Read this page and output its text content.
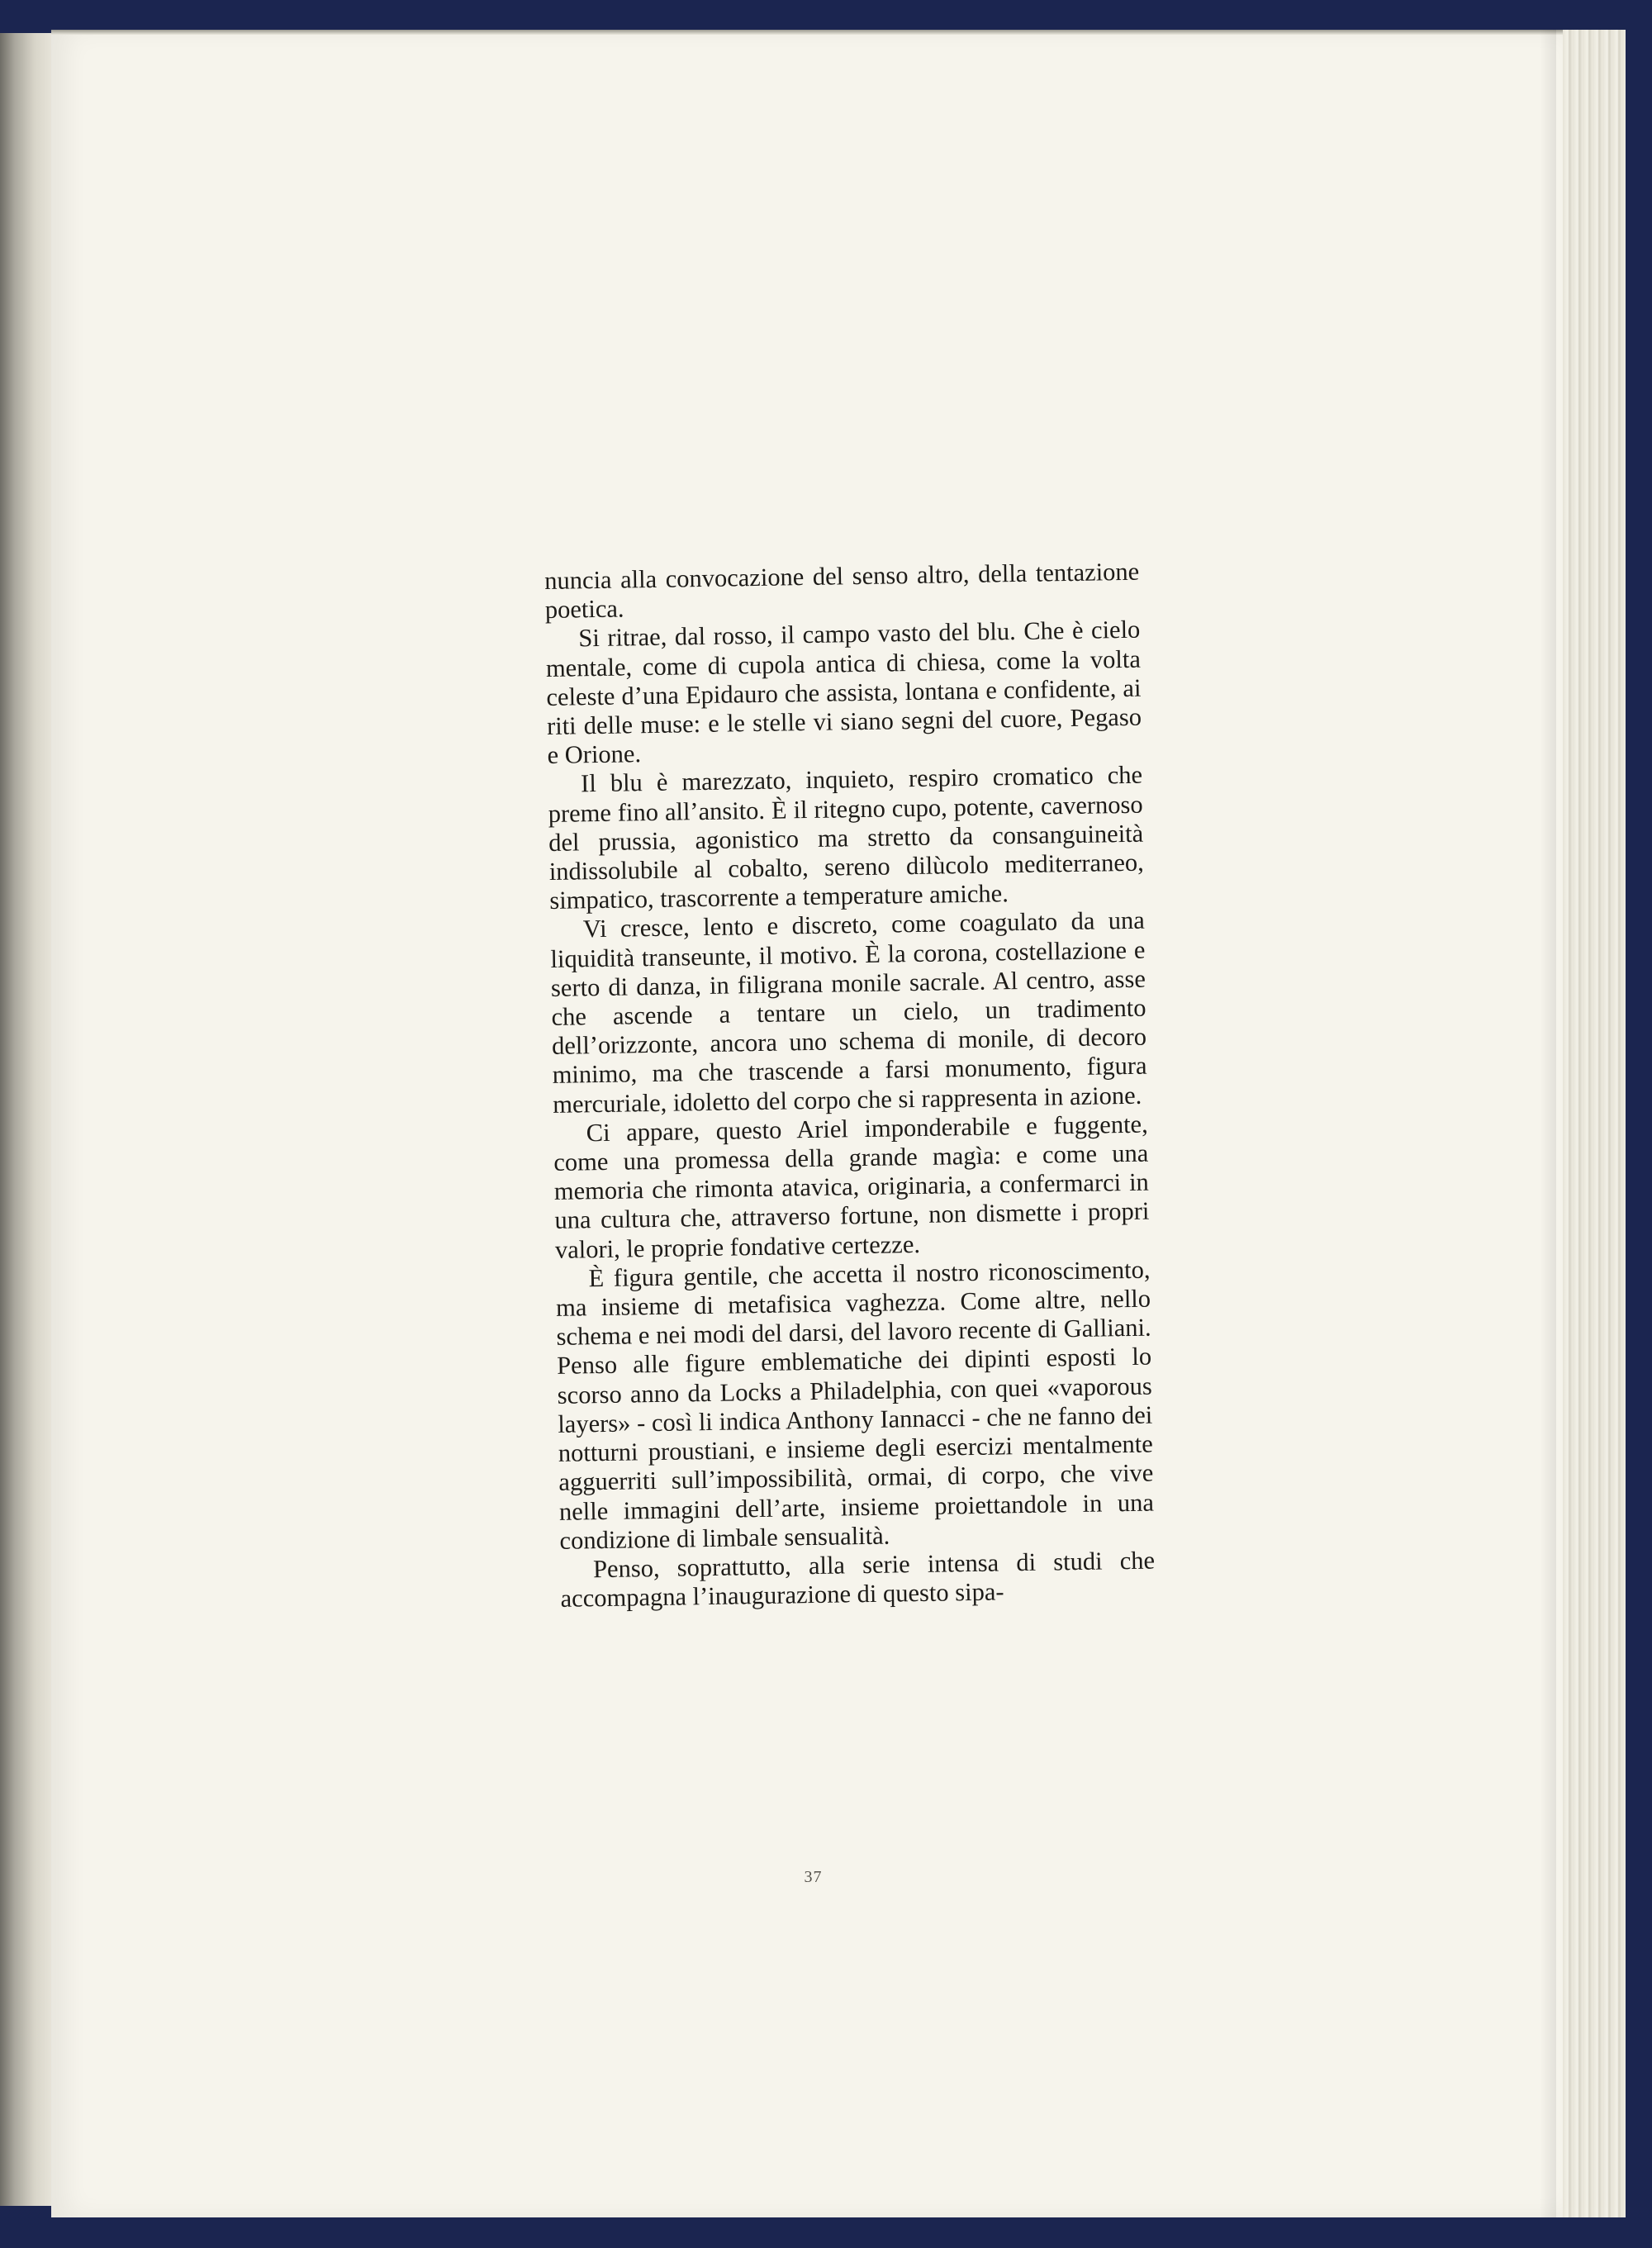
nuncia alla convocazione del senso altro, della tentazione poetica.

Si ritrae, dal rosso, il campo vasto del blu. Che è cielo mentale, come di cupola antica di chiesa, come la volta celeste d’una Epidauro che assista, lontana e confidente, ai riti delle muse: e le stelle vi siano segni del cuore, Pegaso e Orione.

Il blu è marezzato, inquieto, respiro cromatico che preme fino all’ansito. È il ritegno cupo, potente, cavernoso del prussia, agonistico ma stretto da consanguineità indissolubile al cobalto, sereno dilùcolo mediterraneo, simpatico, trascorrente a temperature amiche.

Vi cresce, lento e discreto, come coagulato da una liquidità transeunte, il motivo. È la corona, costellazione e serto di danza, in filigrana monile sacrale. Al centro, asse che ascende a tentare un cielo, un tradimento dell’orizzonte, ancora uno schema di monile, di decoro minimo, ma che trascende a farsi monumento, figura mercuriale, idoletto del corpo che si rappresenta in azione.

Ci appare, questo Ariel imponderabile e fuggente, come una promessa della grande magìa: e come una memoria che rimonta atavica, originaria, a confermarci in una cultura che, attraverso fortune, non dismette i propri valori, le proprie fondative certezze.

È figura gentile, che accetta il nostro riconoscimento, ma insieme di metafisica vaghezza. Come altre, nello schema e nei modi del darsi, del lavoro recente di Galliani. Penso alle figure emblematiche dei dipinti esposti lo scorso anno da Locks a Philadelphia, con quei «vaporous layers» - così li indica Anthony Iannacci - che ne fanno dei notturni proustiani, e insieme degli esercizi mentalmente agguerriti sull’impossibilità, ormai, di corpo, che vive nelle immagini dell’arte, insieme proiettandole in una condizione di limbale sensualità.

Penso, soprattutto, alla serie intensa di studi che accompagna l’inaugurazione di questo sipa-

37
